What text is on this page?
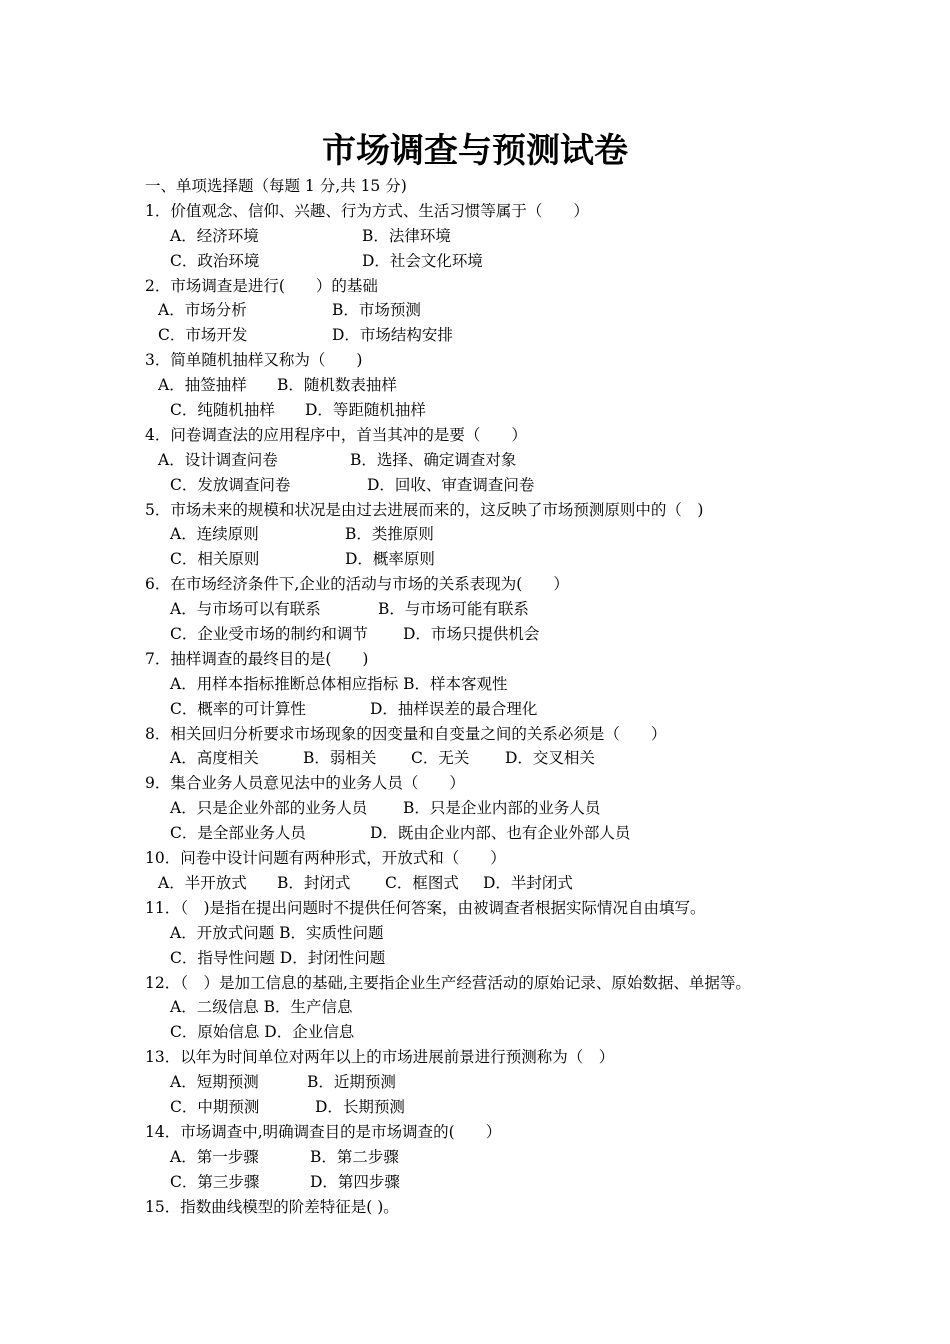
市场调查与预测试卷
一、单项选择题（每题 1 分,共 15 分)
1．价值观念、信仰、兴趣、行为方式、生活习惯等属于（　　）
A．经济环境	B．法律环境
C．政治环境	D．社会文化环境
2．市场调查是进行(　　）的基础
A．市场分析	B．市场预测
C．市场开发	D．市场结构安排
3．简单随机抽样又称为（　　)
A．抽签抽样 B．随机数表抽样
C．纯随机抽样 D．等距随机抽样
4．问卷调查法的应用程序中，首当其冲的是要（　　）
A．设计调查问卷	B．选择、确定调查对象
C．发放调查问卷	D．回收、审查调查问卷
5．市场未来的规模和状况是由过去进展而来的，这反映了市场预测原则中的（　)
A．连续原则	B．类推原则
C．相关原则	D．概率原则
6．在市场经济条件下,企业的活动与市场的关系表现为(　　）
A．与市场可以有联系	B．与市场可能有联系
C．企业受市场的制约和调节 D．市场只提供机会
7．抽样调查的最终目的是(　　)
A．用样本指标推断总体相应指标 B．样本客观性
C．概率的可计算性	D．抽样误差的最合理化
8．相关回归分析要求市场现象的因变量和自变量之间的关系必须是（　　）
A．高度相关	B．弱相关 C．无关 D．交叉相关
9．集合业务人员意见法中的业务人员（　　）
A．只是企业外部的业务人员 B．只是企业内部的业务人员
C．是全部业务人员	D．既由企业内部、也有企业外部人员
10．问卷中设计问题有两种形式，开放式和（　　）
A．半开放式 B．封闭式 C．框图式 D．半封闭式
11．（　)是指在提出问题时不提供任何答案，由被调查者根据实际情况自由填写。
A．开放式问题 B．实质性问题
C．指导性问题 D．封闭性问题
12．（　）是加工信息的基础,主要指企业生产经营活动的原始记录、原始数据、单据等。
A．二级信息 B．生产信息
C．原始信息 D．企业信息
13．以年为时间单位对两年以上的市场进展前景进行预测称为（　）
A．短期预测	B．近期预测
C．中期预测	D．长期预测
14．市场调查中,明确调查目的是市场调查的(　　）
A．第一步骤	B．第二步骤
C．第三步骤	D．第四步骤
15．指数曲线模型的阶差特征是( )。
